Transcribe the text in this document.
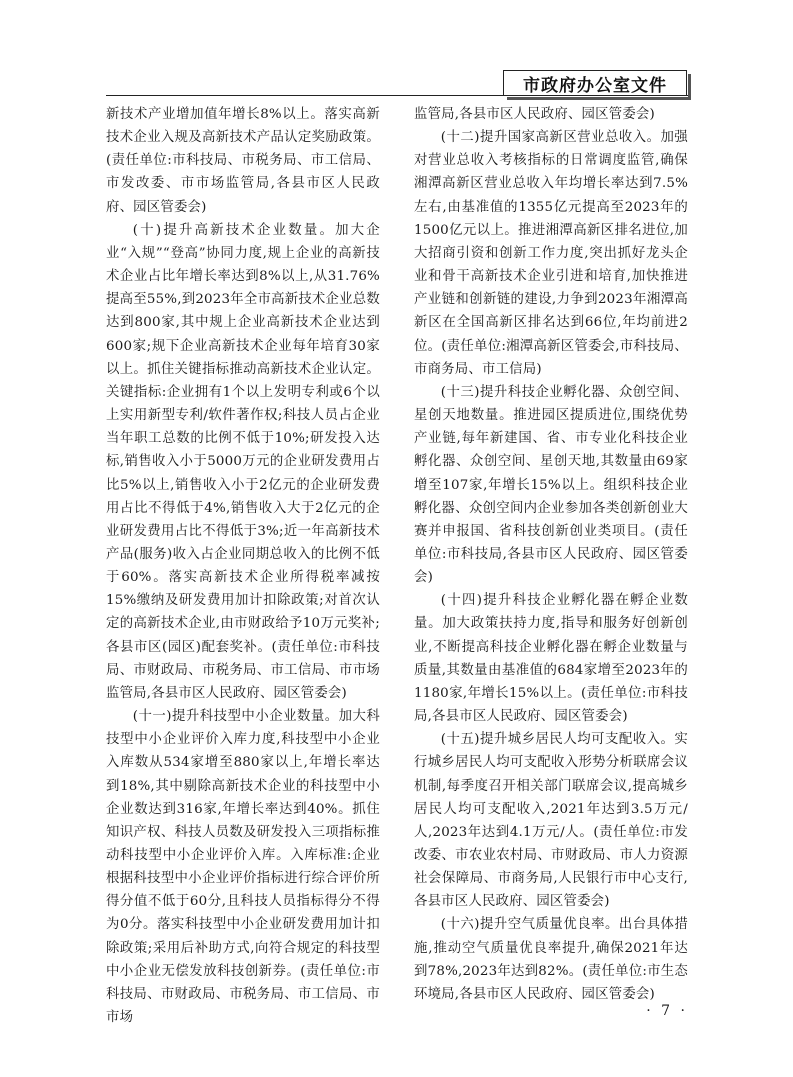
市政府办公室文件

新技术产业增加值年增长8%以上。落实高新技术企业入规及高新技术产品认定奖励政策。(责任单位:市科技局、市税务局、市工信局、市发改委、市市场监管局,各县市区人民政府、园区管委会)

(十)提升高新技术企业数量。加大企业“入规”“登高”协同力度,规上企业的高新技术企业占比年增长率达到8%以上,从31.76%提高至55%,到2023年全市高新技术企业总数达到800家,其中规上企业高新技术企业达到600家;规下企业高新技术企业每年培育30家以上。抓住关键指标推动高新技术企业认定。关键指标:企业拥有1个以上发明专利或6个以上实用新型专利/软件著作权;科技人员占企业当年职工总数的比例不低于10%;研发投入达标,销售收入小于5000万元的企业研发费用占比5%以上,销售收入小于2亿元的企业研发费用占比不得低于4%,销售收入大于2亿元的企业研发费用占比不得低于3%;近一年高新技术产品(服务)收入占企业同期总收入的比例不低于60%。落实高新技术企业所得税率减按15%缴纳及研发费用加计扣除政策;对首次认定的高新技术企业,由市财政给予10万元奖补;各县市区(园区)配套奖补。(责任单位:市科技局、市财政局、市税务局、市工信局、市市场监管局,各县市区人民政府、园区管委会)

(十一)提升科技型中小企业数量。加大科技型中小企业评价入库力度,科技型中小企业入库数从534家增至880家以上,年增长率达到18%,其中剔除高新技术企业的科技型中小企业数达到316家,年增长率达到40%。抓住知识产权、科技人员数及研发投入三项指标推动科技型中小企业评价入库。入库标准:企业根据科技型中小企业评价指标进行综合评价所得分值不低于60分,且科技人员指标得分不得为0分。落实科技型中小企业研发费用加计扣除政策;采用后补助方式,向符合规定的科技型中小企业无偿发放科技创新券。(责任单位:市科技局、市财政局、市税务局、市工信局、市市场

监管局,各县市区人民政府、园区管委会)

(十二)提升国家高新区营业总收入。加强对营业总收入考核指标的日常调度监管,确保湘潭高新区营业总收入年均增长率达到7.5%左右,由基准值的1355亿元提高至2023年的1500亿元以上。推进湘潭高新区排名进位,加大招商引资和创新工作力度,突出抓好龙头企业和骨干高新技术企业引进和培育,加快推进产业链和创新链的建设,力争到2023年湘潭高新区在全国高新区排名达到66位,年均前进2位。(责任单位:湘潭高新区管委会,市科技局、市商务局、市工信局)

(十三)提升科技企业孵化器、众创空间、星创天地数量。推进园区提质进位,围绕优势产业链,每年新建国、省、市专业化科技企业孵化器、众创空间、星创天地,其数量由69家增至107家,年增长15%以上。组织科技企业孵化器、众创空间内企业参加各类创新创业大赛并申报国、省科技创新创业类项目。(责任单位:市科技局,各县市区人民政府、园区管委会)

(十四)提升科技企业孵化器在孵企业数量。加大政策扶持力度,指导和服务好创新创业,不断提高科技企业孵化器在孵企业数量与质量,其数量由基准值的684家增至2023年的1180家,年增长15%以上。(责任单位:市科技局,各县市区人民政府、园区管委会)

(十五)提升城乡居民人均可支配收入。实行城乡居民人均可支配收入形势分析联席会议机制,每季度召开相关部门联席会议,提高城乡居民人均可支配收入,2021年达到3.5万元/人,2023年达到4.1万元/人。(责任单位:市发改委、市农业农村局、市财政局、市人力资源社会保障局、市商务局,人民银行市中心支行,各县市区人民政府、园区管委会)

(十六)提升空气质量优良率。出台具体措施,推动空气质量优良率提升,确保2021年达到78%,2023年达到82%。(责任单位:市生态环境局,各县市区人民政府、园区管委会)

· 7 ·
